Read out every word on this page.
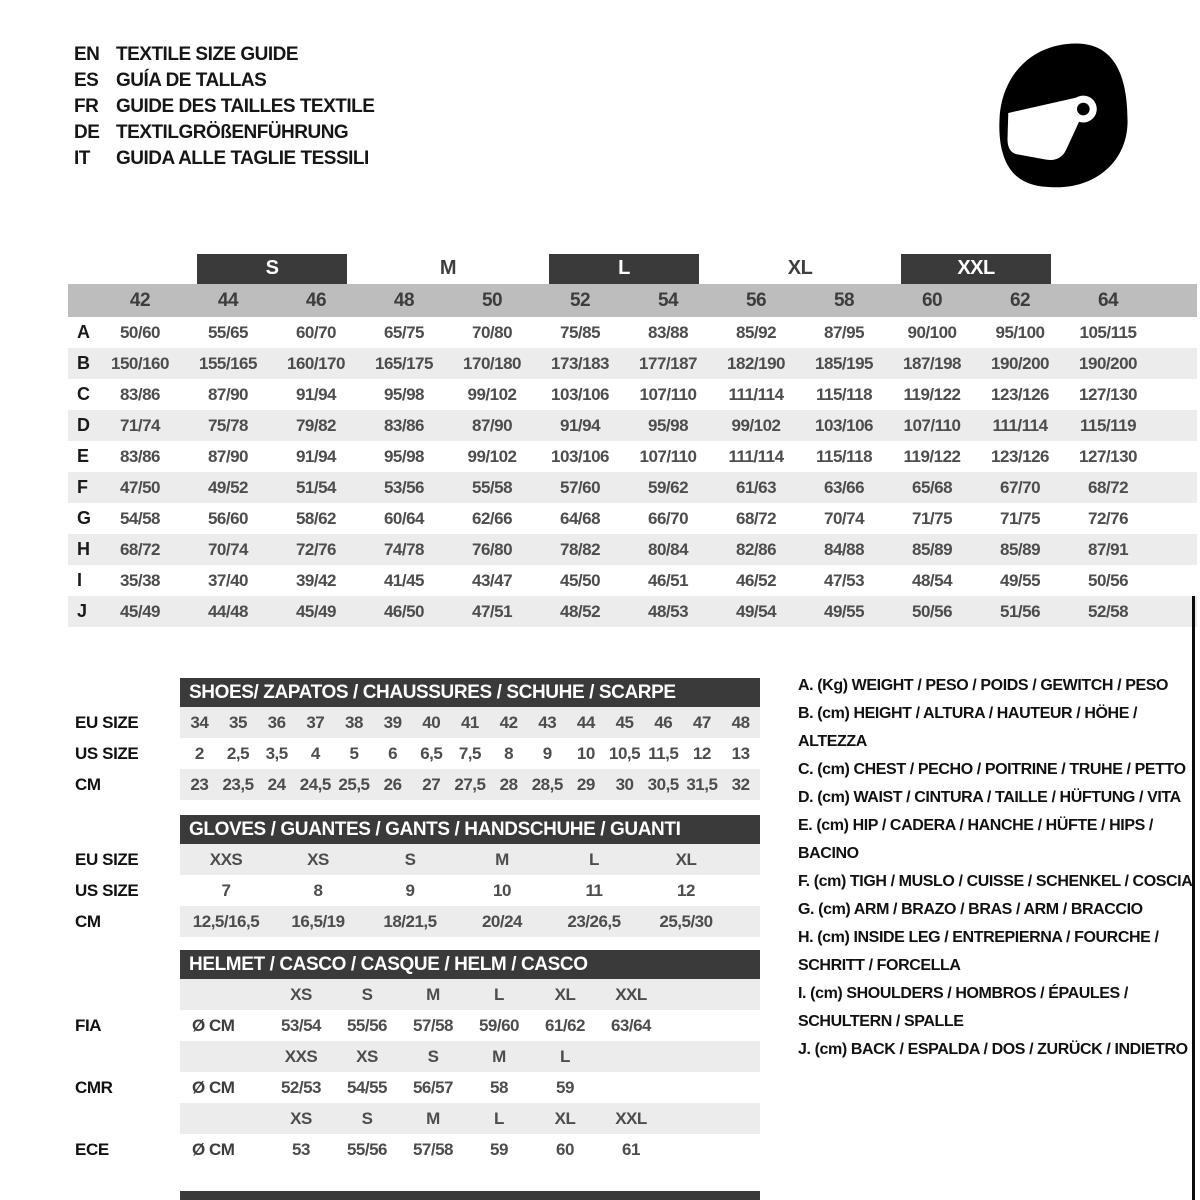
EN TEXTILE SIZE GUIDE
ES GUÍA DE TALLAS
FR GUIDE DES TAILLES TEXTILE
DE TEXTILGRÖßENFÜHRUNG
IT	GUIDA ALLE TAGLIE TESSILI

S		M		L		XL		XXL			

	42	44	46	48	50	52	54	56	58	60	62	64	
A	50/60	55/65	60/70	65/75	70/80	75/85	83/88	85/92	87/95	90/100	95/100	105/115	
B	150/160	155/165	160/170	165/175	170/180	173/183	177/187	182/190	185/195	187/198	190/200	190/200	
C	83/86	87/90	91/94	95/98	99/102	103/106	107/110	111/114	115/118	119/122	123/126	127/130	
D	71/74	75/78	79/82	83/86	87/90	91/94	95/98	99/102	103/106	107/110	111/114	115/119	
E	83/86	87/90	91/94	95/98	99/102	103/106	107/110	111/114	115/118	119/122	123/126	127/130	
F	47/50	49/52	51/54	53/56	55/58	57/60	59/62	61/63	63/66	65/68	67/70	68/72	
G	54/58	56/60	58/62	60/64	62/66	64/68	66/70	68/72	70/74	71/75	71/75	72/76	
H	68/72	70/74	72/76	74/78	76/80	78/82	80/84	82/86	84/88	85/89	85/89	87/91	
I	35/38	37/40	39/42	41/45	43/47	45/50	46/51	46/52	47/53	48/54	49/55	50/56	
J	45/49	44/48	45/49	46/50	47/51	48/52	48/53	49/54	49/55	50/56	51/56	52/58	
SHOES/ ZAPATOS / CHAUSSURES / SCHUHE / SCARPE
EU SIZE	34	35	36	37	38	39	40	41	42	43	44	45	46	47	48
US SIZE	2	2,5	3,5	4	5	6	6,5	7,5	8	9	10	10,5	11,5	12	13
CM	23	23,5	24	24,5	25,5	26	27	27,5	28	28,5	29	30	30,5	31,5	32
GLOVES / GUANTES / GANTS / HANDSCHUHE / GUANTI
EU SIZE	XXS	XS	S	M	L	XL	
US SIZE	7	8	9	10	11	12	
CM	12,5/16,5	16,5/19	18/21,5	20/24	23/26,5	25,5/30	
HELMET / CASCO / CASQUE / HELM / CASCO
		XS	S	M	L	XL	XXL	
FIA	Ø CM	53/54	55/56	57/58	59/60	61/62	63/64	
		XXS	XS	S	M	L		
CMR	Ø CM	52/53	54/55	56/57	58	59		
		XS	S	M	L	XL	XXL	
ECE	Ø CM	53	55/56	57/58	59	60	61	
A. (Kg) WEIGHT / PESO / POIDS / GEWITCH / PESO
B. (cm) HEIGHT / ALTURA / HAUTEUR / HÖHE / ALTEZZA
C. (cm) CHEST / PECHO / POITRINE / TRUHE / PETTO
D. (cm) WAIST / CINTURA / TAILLE / HÜFTUNG / VITA
E. (cm) HIP / CADERA / HANCHE / HÜFTE / HIPS / BACINO
F. (cm) TIGH / MUSLO / CUISSE / SCHENKEL / COSCIA
G. (cm) ARM / BRAZO / BRAS / ARM / BRACCIO
H. (cm) INSIDE LEG / ENTREPIERNA / FOURCHE / SCHRITT / FORCELLA
I. (cm) SHOULDERS / HOMBROS / ÉPAULES / SCHULTERN / SPALLE
J. (cm) BACK / ESPALDA / DOS / ZURÜCK / INDIETRO
